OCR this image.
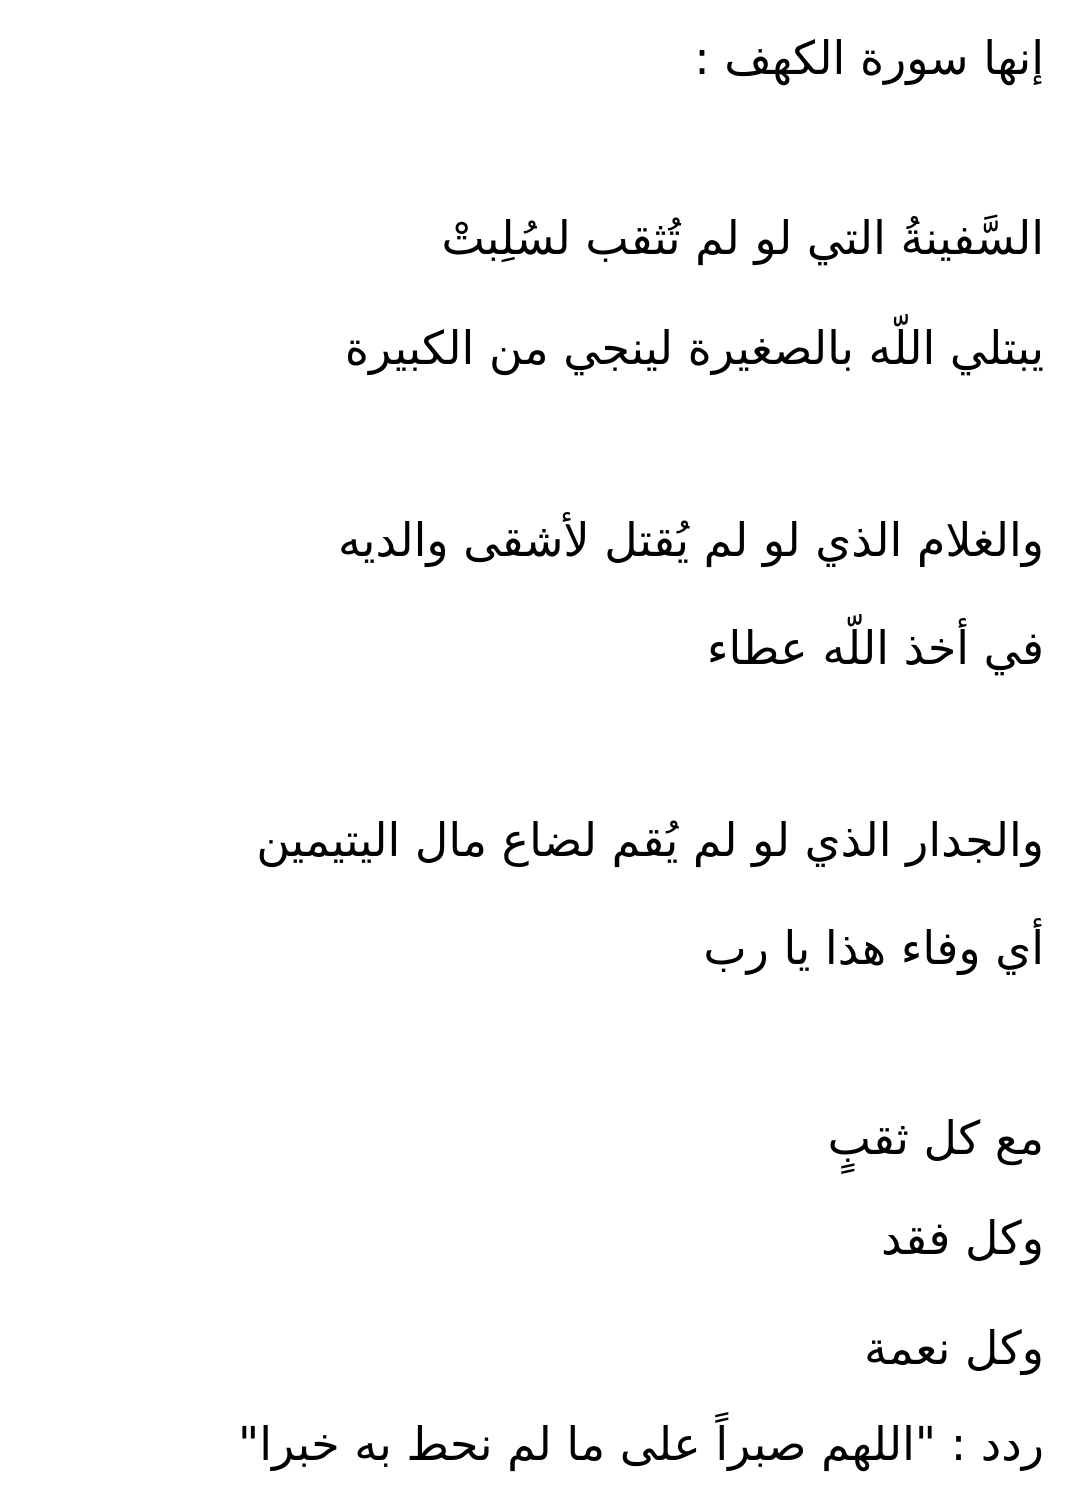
إنها سورة الكهف :
السَّفينةُ التي لو لم تُثقب لسُلِبتْ
يبتلي اللّه بالصغيرة لينجي من الكبيرة
والغلام الذي لو لم يُقتل لأشقى والديه
في أخذ اللّه عطاء
والجدار الذي لو لم يُقم لضاع مال اليتيمين
أي وفاء هذا يا رب
مع كل ثقبٍ
وكل فقد
وكل نعمة
ردد : "اللهم صبراً على ما لم نحط به خبرا"
